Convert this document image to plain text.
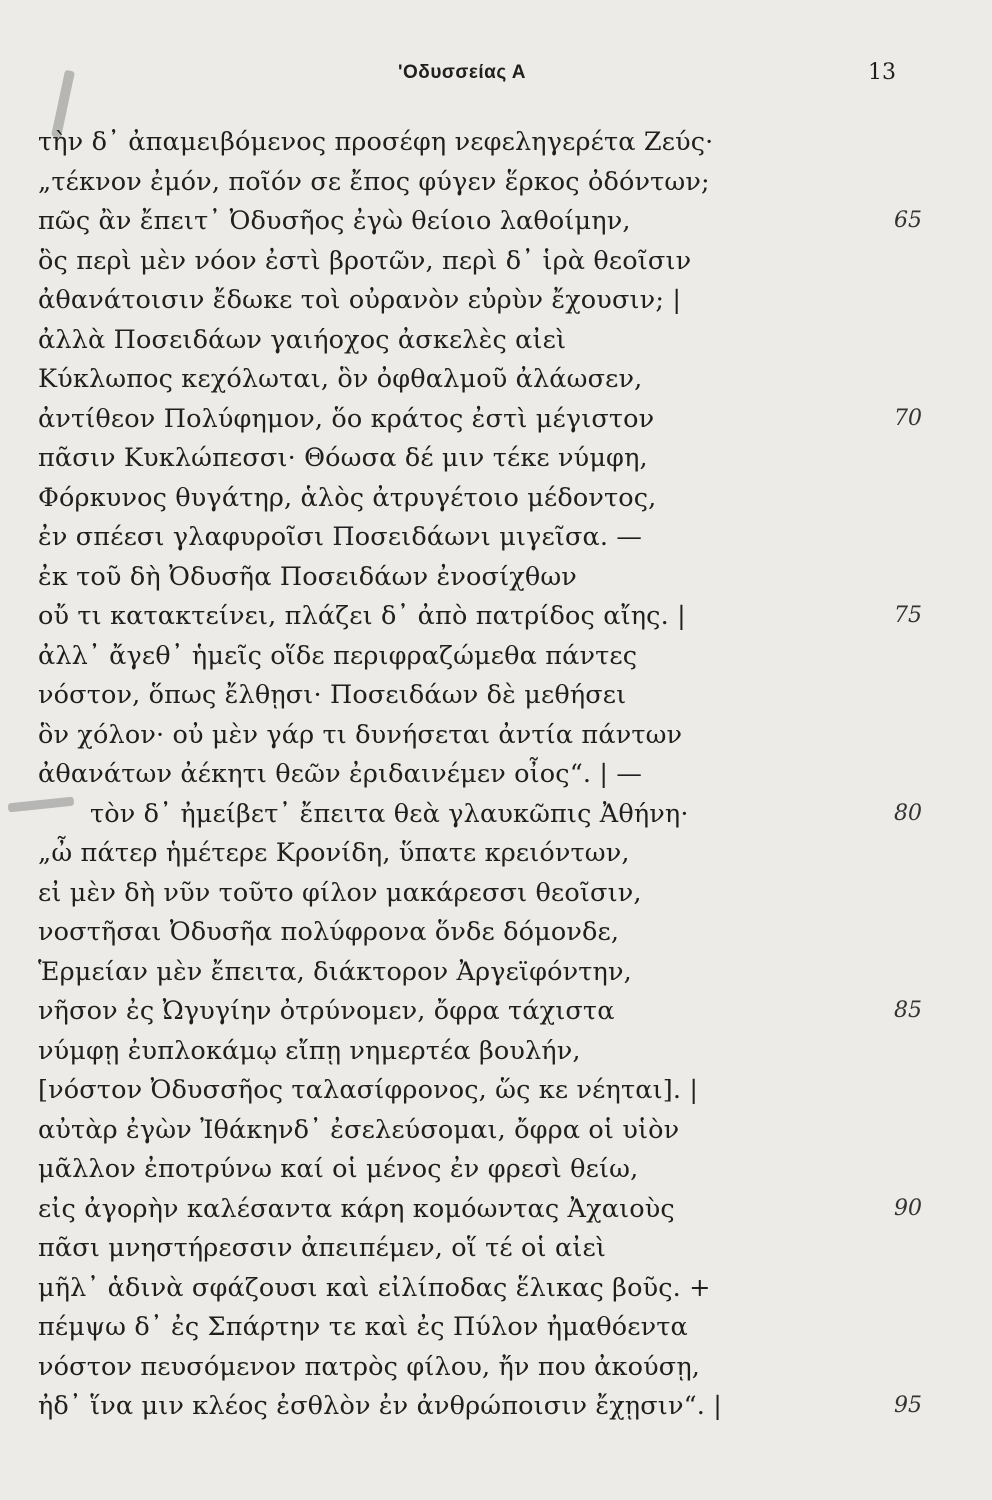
'Οδυσσείας Α	13
τὴν δ᾽ ἀπαμειβόμενος προσέφη νεφεληγερέτα Ζεύς·
„τέκνον ἐμόν, ποῖόν σε ἔπος φύγεν ἕρκος ὀδόντων;
πῶς ἂν ἔπειτ᾽ Ὀδυσῆος ἐγὼ θείοιο λαθοίμην,	65
ὃς περὶ μὲν νόον ἐστὶ βροτῶν, περὶ δ᾽ ἱρὰ θεοῖσιν
ἀθανάτοισιν ἔδωκε τοὶ οὐρανὸν εὐρὺν ἔχουσιν; |
ἀλλὰ Ποσειδάων γαιήοχος ἀσκελὲς αἰεὶ
Κύκλωπος κεχόλωται, ὃν ὀφθαλμοῦ ἀλάωσεν,
ἀντίθεον Πολύφημον, ὅο κράτος ἐστὶ μέγιστον	70
πᾶσιν Κυκλώπεσσι· Θόωσα δέ μιν τέκε νύμφη,
Φόρκυνος θυγάτηρ, ἁλὸς ἀτρυγέτοιο μέδοντος,
ἐν σπέεσι γλαφυροῖσι Ποσειδάωνι μιγεῖσα. —
ἐκ τοῦ δὴ Ὀδυσῆα Ποσειδάων ἐνοσίχθων
οὔ τι κατακτείνει, πλάζει δ᾽ ἀπὸ πατρίδος αἴης. |	75
ἀλλ᾽ ἄγεθ᾽ ἡμεῖς οἵδε περιφραζώμεθα πάντες
νόστον, ὅπως ἔλθῃσι· Ποσειδάων δὲ μεθήσει
ὃν χόλον· οὐ μὲν γάρ τι δυνήσεται ἀντία πάντων
ἀθανάτων ἀέκητι θεῶν ἐριδαινέμεν οἶος“. | —
τὸν δ᾽ ἠμείβετ᾽ ἔπειτα θεὰ γλαυκῶπις Ἀθήνη·	80
„ὦ πάτερ ἡμέτερε Κρονίδη, ὕπατε κρειόντων,
εἰ μὲν δὴ νῦν τοῦτο φίλον μακάρεσσι θεοῖσιν,
νοστῆσαι Ὀδυσῆα πολύφρονα ὅνδε δόμονδε,
Ἑρμείαν μὲν ἔπειτα, διάκτορον Ἀργεϊφόντην,
νῆσον ἐς Ὠγυγίην ὀτρύνομεν, ὄφρα τάχιστα	85
νύμφῃ ἐυπλοκάμῳ εἴπῃ νημερτέα βουλήν,
[νόστον Ὀδυσσῆος ταλασίφρονος, ὥς κε νέηται]. |
αὐτὰρ ἐγὼν Ἰθάκηνδ᾽ ἐσελεύσομαι, ὄφρα οἱ υἱὸν
μᾶλλον ἐποτρύνω καί οἱ μένος ἐν φρεσὶ θείω,
εἰς ἀγορὴν καλέσαντα κάρη κομόωντας Ἀχαιοὺς	90
πᾶσι μνηστήρεσσιν ἀπειπέμεν, οἵ τέ οἱ αἰεὶ
μῆλ᾽ ἁδινὰ σφάζουσι καὶ εἰλίποδας ἕλικας βοῦς. +
πέμψω δ᾽ ἐς Σπάρτην τε καὶ ἐς Πύλον ἠμαθόεντα
νόστον πευσόμενον πατρὸς φίλου, ἤν που ἀκούσῃ,
ἠδ᾽ ἵνα μιν κλέος ἐσθλὸν ἐν ἀνθρώποισιν ἔχῃσιν“. |	95
